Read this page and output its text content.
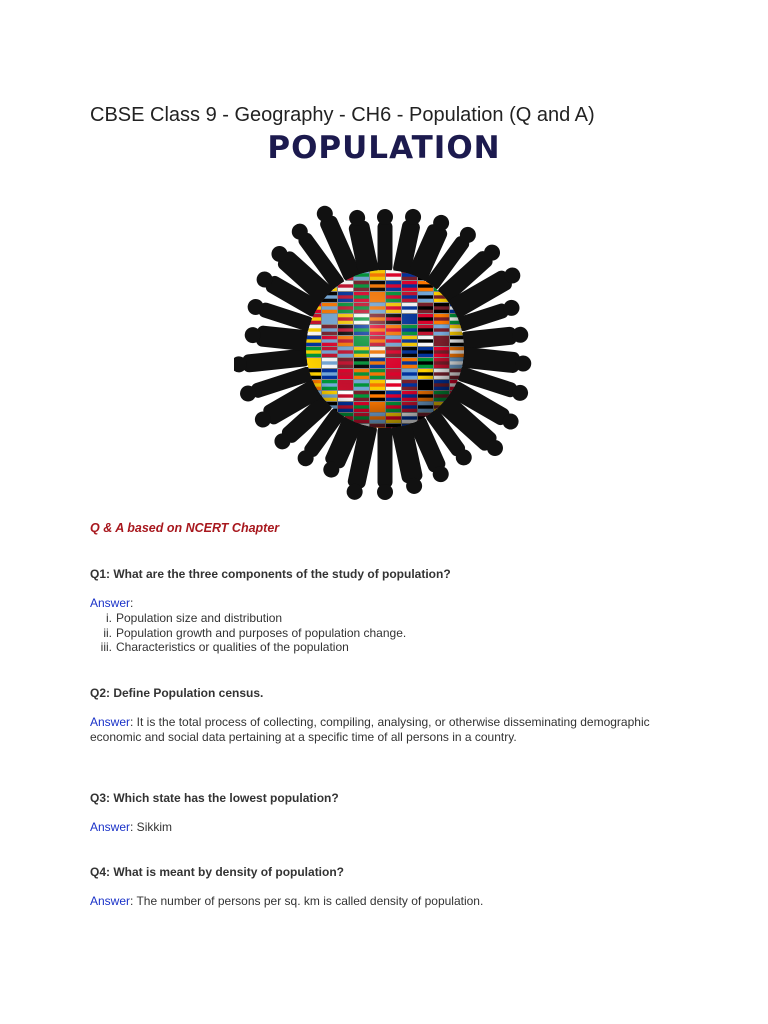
CBSE Class 9 - Geography - CH6 - Population (Q and A)
POPULATION
Q & A based on NCERT Chapter
Q1: What are the three components of the study of population?
Answer:
i. Population size and distribution
ii. Population growth and purposes of population change.
iii. Characteristics or qualities of the population
Q2: Define Population census.
Answer: It is the total process of collecting, compiling, analysing, or otherwise disseminating demographic economic and social data pertaining at a specific time of all persons in a country.
Q3: Which state has the lowest population?
Answer: Sikkim
Q4: What is meant by density of population?
Answer: The number of persons per sq. km is called density of population.
